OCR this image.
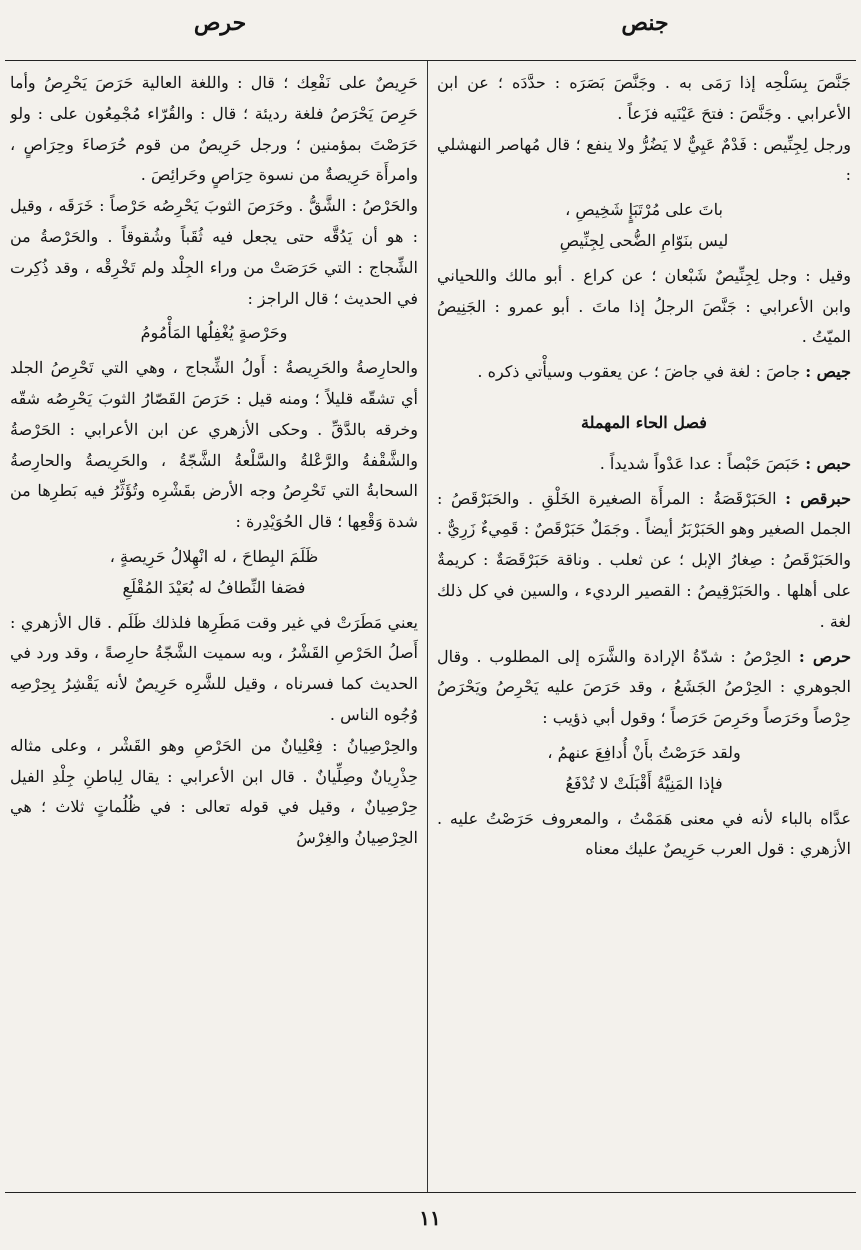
جنص
حرص

جَنَّصَ بِسَلْحِه إذا رَمَى به . وجَنَّصَ بَصَرَه : حدَّدَه ؛ عن ابن الأعرابي . وجَنَّصَ : فتحَ عَيْنَيه فزَعاً .

ورجل لِجِنِّيص : فَدْمٌ عَيِيٌّ لا يَضُرُّ ولا ينفع ؛ قال مُهاصر النهشلي :

باتَ على مُرْتَبَإٍ شَخِيصِ ،
ليس بنَوّامِ الضُّحى لِجِنِّيصِ

وقيل : وجل لِجِنِّيصٌ شَبْعان ؛ عن كراع . أبو مالك واللحياني وابن الأعرابي : جَنَّصَ الرجلُ إذا ماتَ . أبو عمرو : الجَنِيصُ الميّتُ .

جيص : جاصَ : لغة في جاضَ ؛ عن يعقوب وسيأْتي ذكره .

فصل الحاء المهملة

حبص : حَبَصَ حَبْصاً : عدا عَدْواً شديداً .

حبرقص : الحَبَرْقَصَةُ : المرأَة الصغيرة الخَلْقِ . والحَبَرْقَصُ : الجمل الصغير وهو الحَبَرْبَرُ أيضاً . وجَمَلٌ حَبَرْقَصٌ : قَمِيءٌ زَرِيٌّ . والحَبَرْقَصُ : صِغارُ الإبل ؛ عن ثعلب . وناقة حَبَرْقَصَةٌ : كريمةٌ على أهلها . والحَبَرْقِيصُ : القصير الرديء ، والسين في كل ذلك لغة .

حرص : الحِرْصُ : شدّةُ الإرادة والشَّرَه إلى المطلوب . وقال الجوهري : الحِرْصُ الجَشَعُ ، وقد حَرَصَ عليه يَحْرِصُ ويَحْرَصُ حِرْصاً وحَرَصاً وحَرِصَ حَرَصاً ؛ وقول أبي ذؤيب :

ولقد حَرَصْتُ بأَنْ أُدافِعَ عنهمُ ،
فإذا المَنِيَّةُ أَقْبَلَتْ لا تُدْفَعُ

عدَّاه بالباء لأنه في معنى هَمَمْتُ ، والمعروف حَرَصْتُ عليه . الأزهري : قول العرب حَرِيصٌ عليك معناه

حَرِيصٌ على نَفْعِك ؛ قال : واللغة العالية حَرَصَ يَحْرِصُ وأما حَرِصَ يَحْرَصُ فلغة رديئة ؛ قال : والقُرّاء مُجْمِعُون على : ولو حَرَصْتَ بمؤمنين ؛ ورجل حَرِيصٌ من قوم حُرَصاءَ وحِرَاصٍ ، وامرأَة حَرِيصةٌ من نسوة حِرَاصٍ وحَرائِصَ .

والحَرْصُ : الشَّقُّ . وحَرَصَ الثوبَ يَحْرِصُه حَرْصاً : خَرَقَه ، وقيل : هو أن يَدُقَّه حتى يجعل فيه ثُقَباً وشُقوقاً . والحَرْصةُ من الشِّجاج : التي حَرَصَتْ من وراء الجِلْد ولم تَخْرِقْه ، وقد ذُكِرت في الحديث ؛ قال الراجز :

وحَرْصةٍ يُغْفِلُها المَأْمُومُ

والحارِصةُ والحَرِيصةُ : أَولُ الشِّجاج ، وهي التي تَحْرِصُ الجلد أي تشقّه قليلاً ؛ ومنه قيل : حَرَصَ القَصّارُ الثوبَ يَحْرِصُه شقّه وخرقه بالدَّقِّ . وحكى الأزهري عن ابن الأعرابي : الحَرْصةُ والشَّقْفةُ والرَّعْلةُ والسَّلْعةُ الشَّجّةُ ، والحَرِيصةُ والحارِصةُ السحابةُ التي تَحْرِصُ وجه الأرض بقَشْرِه وتُؤَثِّرُ فيه بَطرِها من شدة وَقْعِها ؛ قال الحُوَيْدِرة :

ظَلَمَ البِطاحَ ، له انْهِلالُ حَرِيصةٍ ،
فصَفا النِّطافُ له بُعَيْدَ المُقْلَعِ

يعني مَطَرَتْ في غير وقت مَطَرِها فلذلك ظَلَم . قال الأزهري : أَصلُ الحَرْصِ القَشْرُ ، وبه سميت الشَّجّةُ حارِصةً ، وقد ورد في الحديث كما فسرناه ، وقيل للشَّرِه حَرِيصٌ لأنه يَقْشِرُ بِحِرْصِه وُجُوه الناس .

والحِرْصِيانُ : فِعْلِيانٌ من الحَرْصِ وهو القَشْر ، وعلى مثاله حِذْرِيانٌ وصِلِّيانٌ . قال ابن الأعرابي : يقال لِباطنِ جِلْدِ الفيل حِرْصِيانٌ ، وقيل في قوله تعالى : في ظُلُماتٍ ثلاث ؛ هي الحِرْصِيانُ والغِرْسُ

١١
